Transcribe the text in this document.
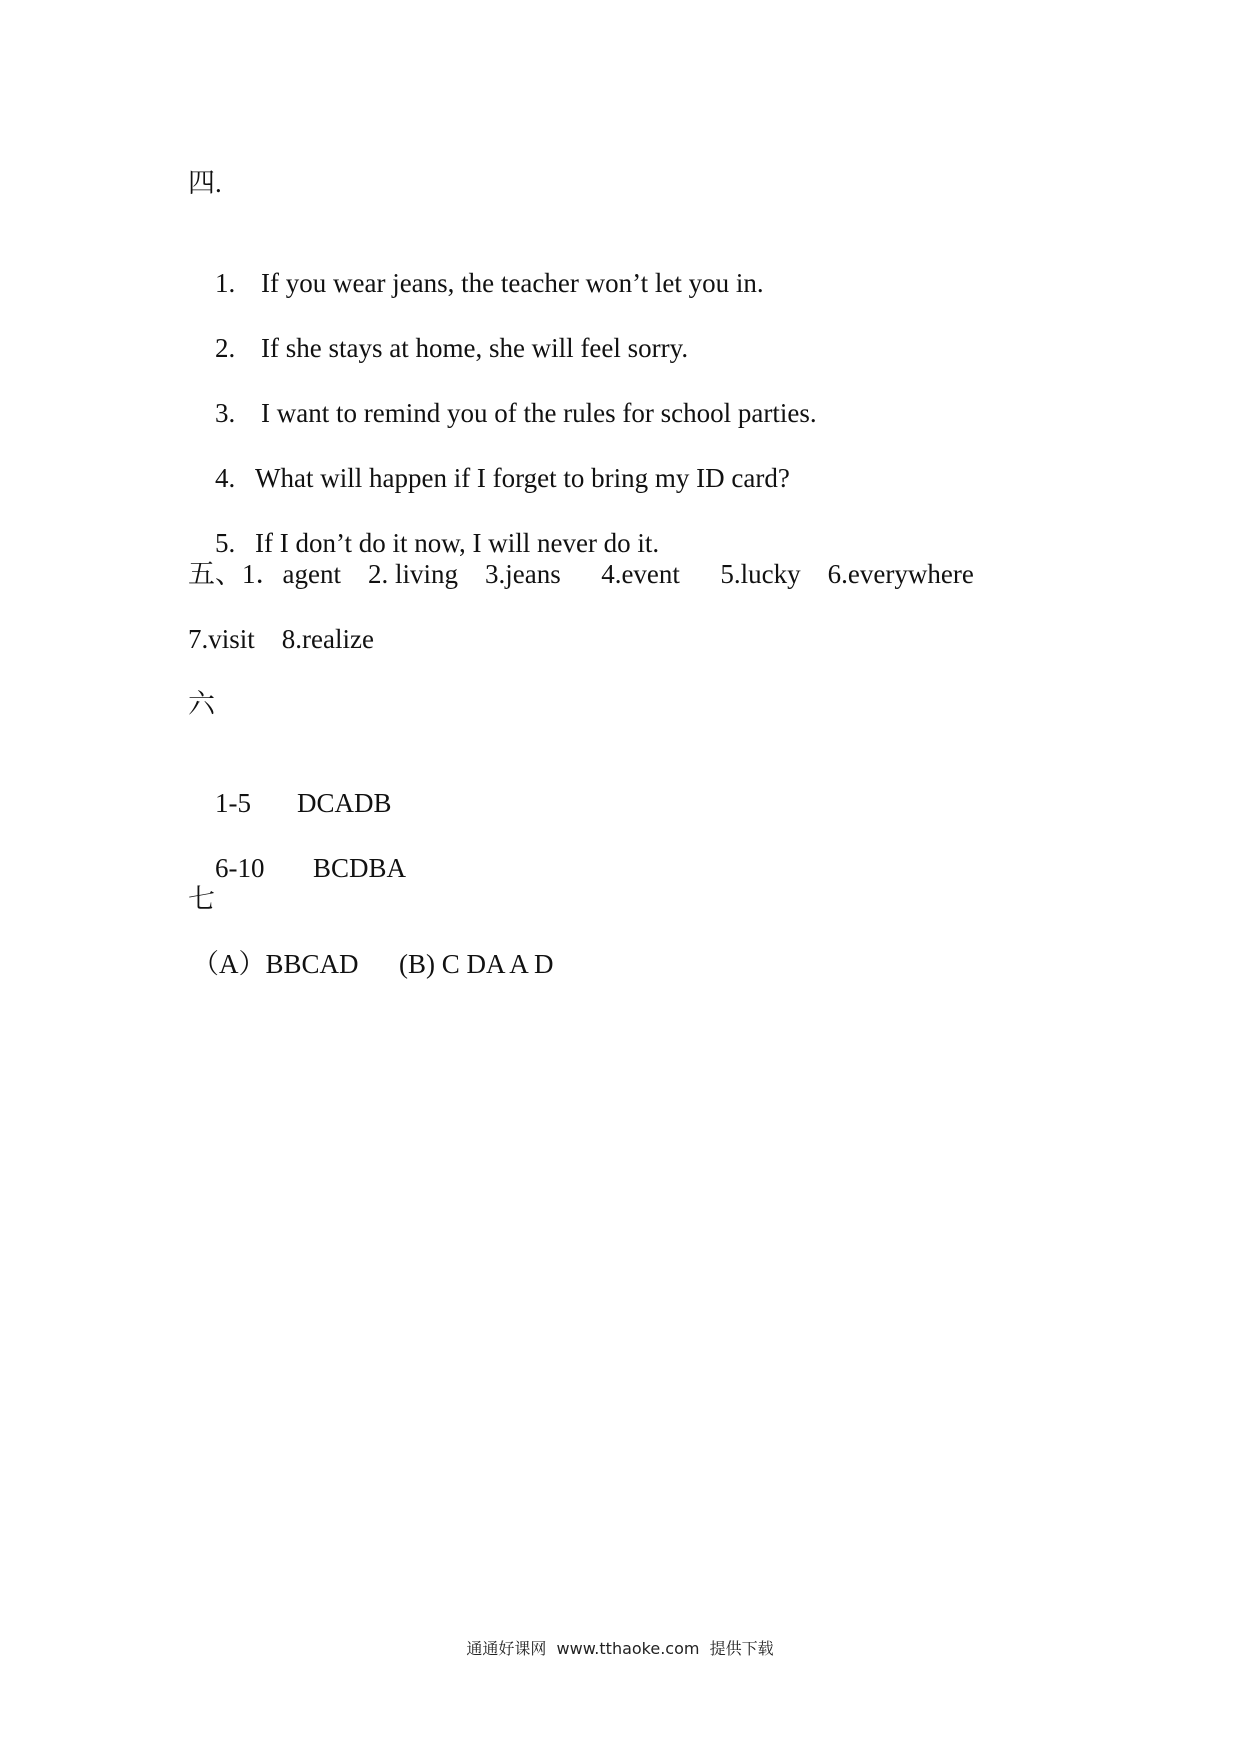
四.

1. If you wear jeans, the teacher won’t let you in.

2. If she stays at home, she will feel sorry.

3. I want to remind you of the rules for school parties.

4. What will happen if I forget to bring my ID card?

5. If I don’t do it now, I will never do it.

五、1．agent    2. living    3.jeans      4.event      5.lucky    6.everywhere
7.visit    8.realize
六

1-5 DCADB

6-10 BCDBA

七
（A）BBCAD      (B) C DA A D
通通好课网  www.tthaoke.com  提供下载
